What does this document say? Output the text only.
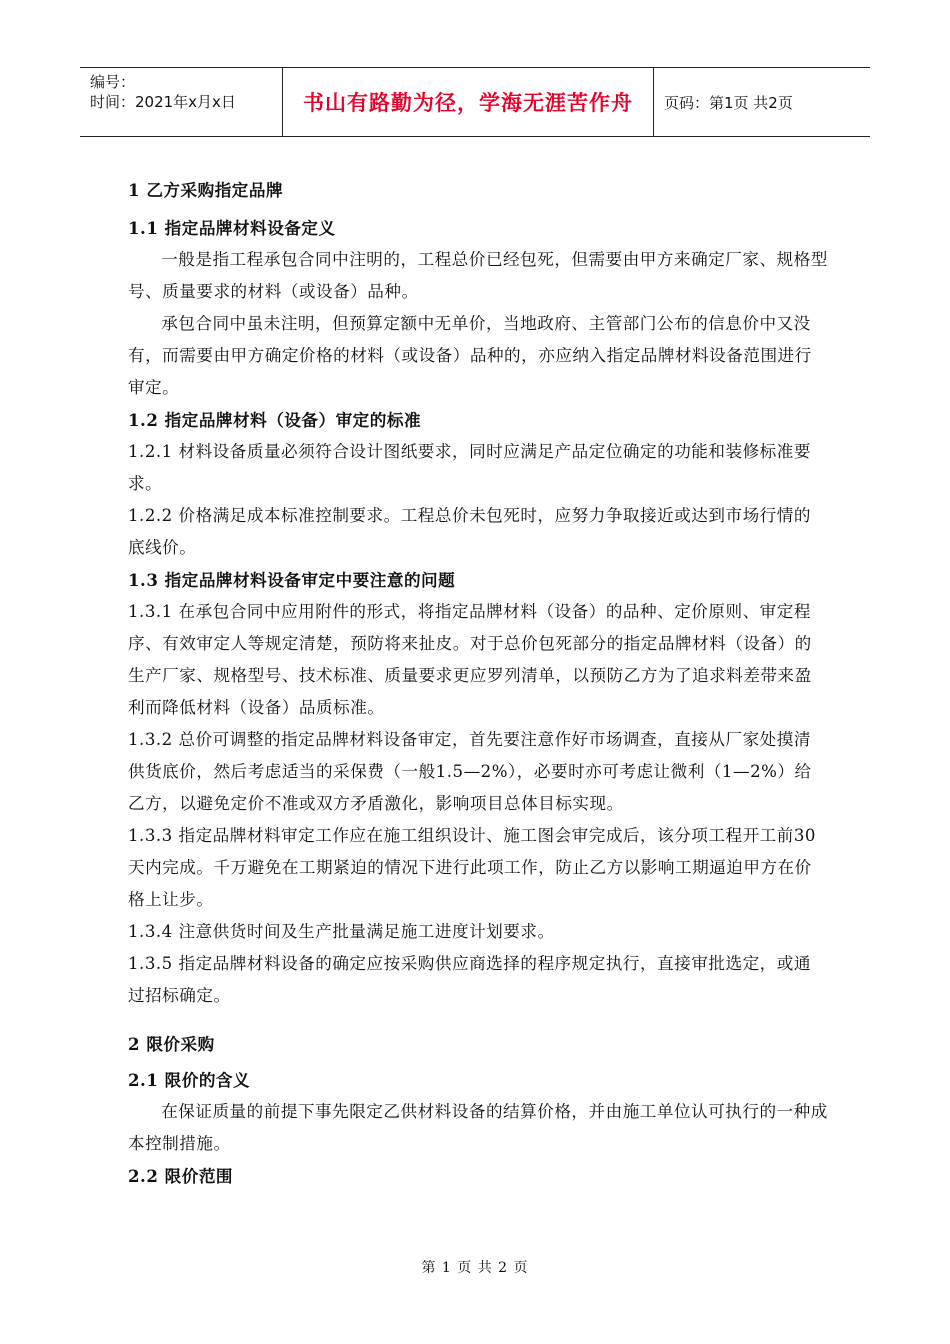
编号：
时间：2021年x月x日	书山有路勤为径，学海无涯苦作舟	页码：第1页 共2页

1 乙方采购指定品牌

1.1 指定品牌材料设备定义

一般是指工程承包合同中注明的，工程总价已经包死，但需要由甲方来确定厂家、规格型号、质量要求的材料（或设备）品种。

承包合同中虽未注明，但预算定额中无单价，当地政府、主管部门公布的信息价中又没有，而需要由甲方确定价格的材料（或设备）品种的，亦应纳入指定品牌材料设备范围进行审定。

1.2 指定品牌材料（设备）审定的标准

1.2.1 材料设备质量必须符合设计图纸要求，同时应满足产品定位确定的功能和装修标准要求。

1.2.2 价格满足成本标准控制要求。工程总价未包死时，应努力争取接近或达到市场行情的底线价。

1.3 指定品牌材料设备审定中要注意的问题

1.3.1 在承包合同中应用附件的形式，将指定品牌材料（设备）的品种、定价原则、审定程序、有效审定人等规定清楚，预防将来扯皮。对于总价包死部分的指定品牌材料（设备）的生产厂家、规格型号、技术标准、质量要求更应罗列清单，以预防乙方为了追求料差带来盈利而降低材料（设备）品质标准。

1.3.2 总价可调整的指定品牌材料设备审定，首先要注意作好市场调查，直接从厂家处摸清供货底价，然后考虑适当的采保费（一般1.5—2%），必要时亦可考虑让微利（1—2%）给乙方，以避免定价不准或双方矛盾激化，影响项目总体目标实现。

1.3.3 指定品牌材料审定工作应在施工组织设计、施工图会审完成后，该分项工程开工前30天内完成。千万避免在工期紧迫的情况下进行此项工作，防止乙方以影响工期逼迫甲方在价格上让步。

1.3.4 注意供货时间及生产批量满足施工进度计划要求。

1.3.5 指定品牌材料设备的确定应按采购供应商选择的程序规定执行，直接审批选定，或通过招标确定。

2 限价采购

2.1 限价的含义

在保证质量的前提下事先限定乙供材料设备的结算价格，并由施工单位认可执行的一种成本控制措施。

2.2 限价范围

第 1 页 共 2 页
